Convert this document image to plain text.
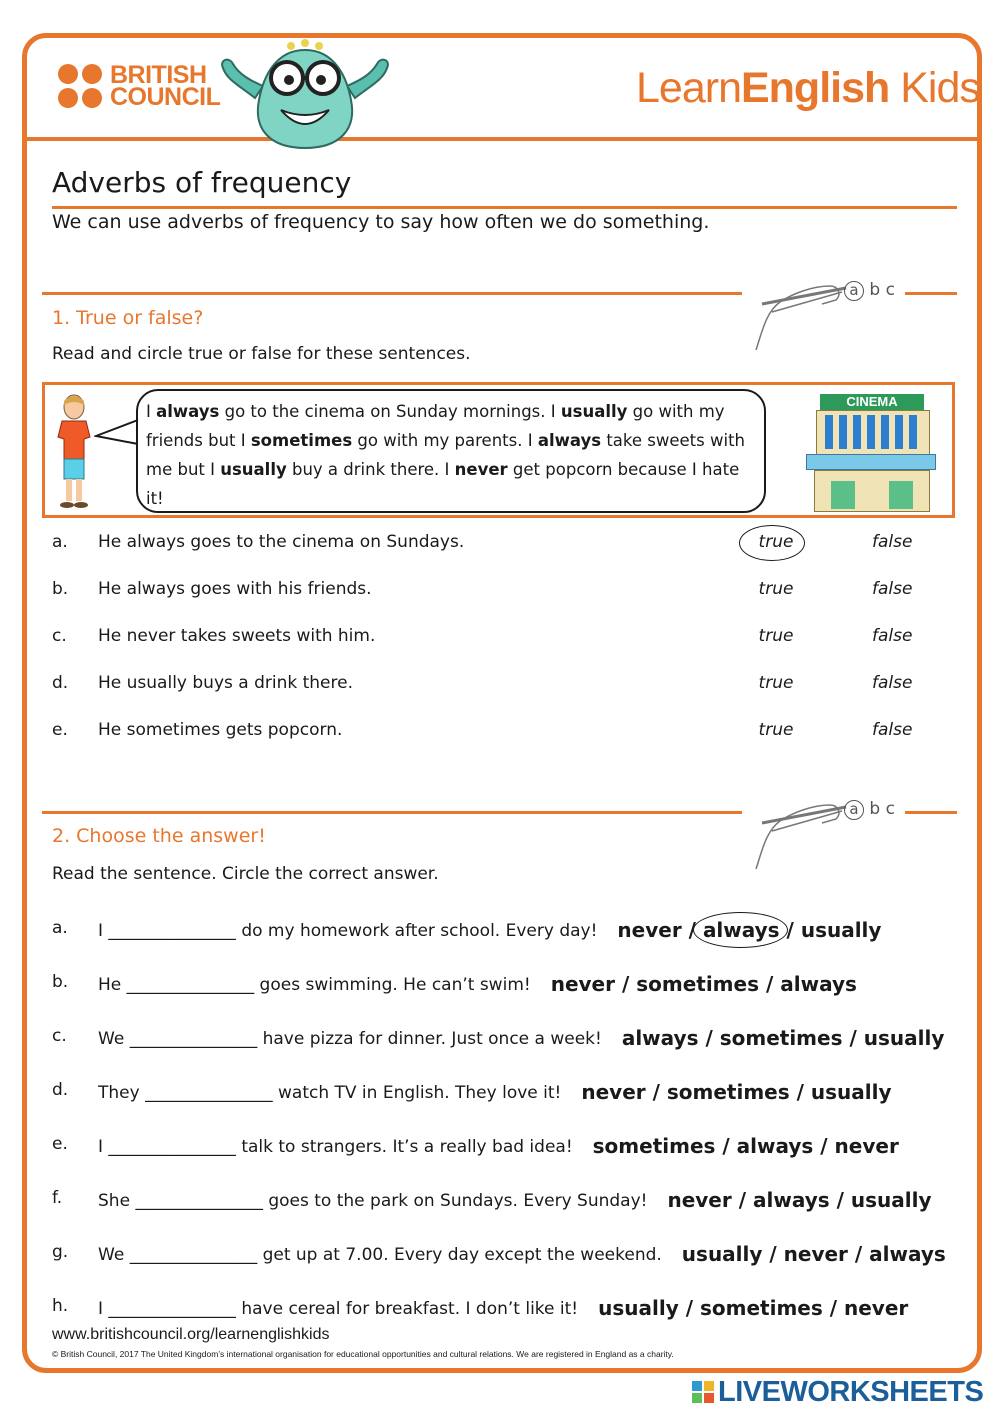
BRITISH
COUNCIL	LearnEnglish Kids
Adverbs of frequency
We can use adverbs of frequency to say how often we do something.
a b c
1. True or false?
Read and circle true or false for these sentences.
I always go to the cinema on Sunday mornings. I usually go with my friends but I sometimes go with my parents. I always take sweets with me but I usually buy a drink there. I never get popcorn because I hate it!
CINEMA
a. He always goes to the cinema on Sundays.	true	false
b. He always goes with his friends.	true	false
c. He never takes sweets with him.	true	false
d. He usually buys a drink there.	true	false
e. He sometimes gets popcorn.	true	false
a b c
2. Choose the answer!
Read the sentence. Circle the correct answer.
a. I _______________ do my homework after school. Every day! never / always / usually
b. He _______________ goes swimming. He can’t swim! never / sometimes / always
c. We _______________ have pizza for dinner. Just once a week! always / sometimes / usually
d. They _______________ watch TV in English. They love it! never / sometimes / usually
e. I _______________ talk to strangers. It’s a really bad idea! sometimes / always / never
f. She _______________ goes to the park on Sundays. Every Sunday! never / always / usually
g. We _______________ get up at 7.00. Every day except the weekend. usually / never / always
h. I _______________ have cereal for breakfast. I don’t like it! usually / sometimes / never
www.britishcouncil.org/learnenglishkids
© British Council, 2017 The United Kingdom’s international organisation for educational opportunities and cultural relations. We are registered in England as a charity.
LIVEWORKSHEETS
